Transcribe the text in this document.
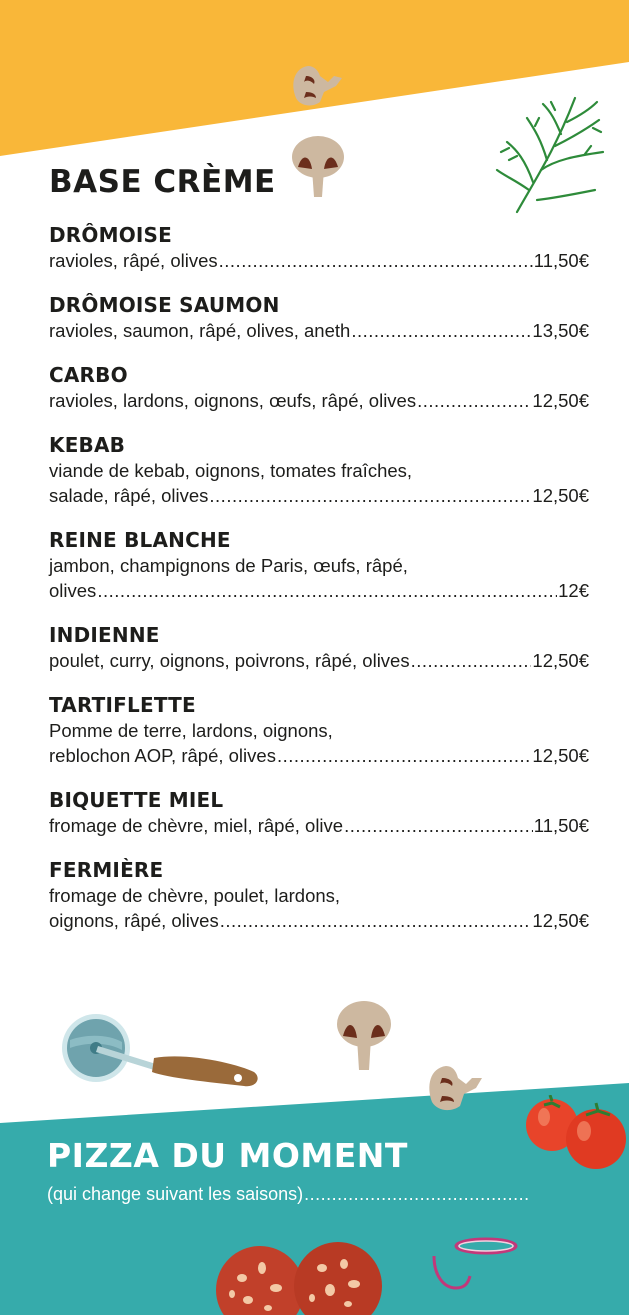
BASE CRÈME
DRÔMOISE
ravioles, râpé, olives .....	11,50€
DRÔMOISE SAUMON
ravioles, saumon, râpé, olives, aneth .....	13,50€
CARBO
ravioles, lardons, oignons, œufs, râpé, olives .....	12,50€
KEBAB
viande de kebab, oignons, tomates fraîches,
salade, râpé, olives .....	12,50€
REINE BLANCHE
jambon, champignons de Paris, œufs, râpé,
olives .....	12€
INDIENNE
poulet, curry, oignons, poivrons, râpé, olives .....	12,50€
TARTIFLETTE
Pomme de terre, lardons, oignons,
reblochon AOP, râpé, olives .....	12,50€
BIQUETTE MIEL
fromage de chèvre, miel, râpé, olive .....	11,50€
FERMIÈRE
fromage de chèvre, poulet, lardons,
oignons, râpé, olives .....	12,50€
PIZZA DU MOMENT
(qui change suivant les saisons)
.....
